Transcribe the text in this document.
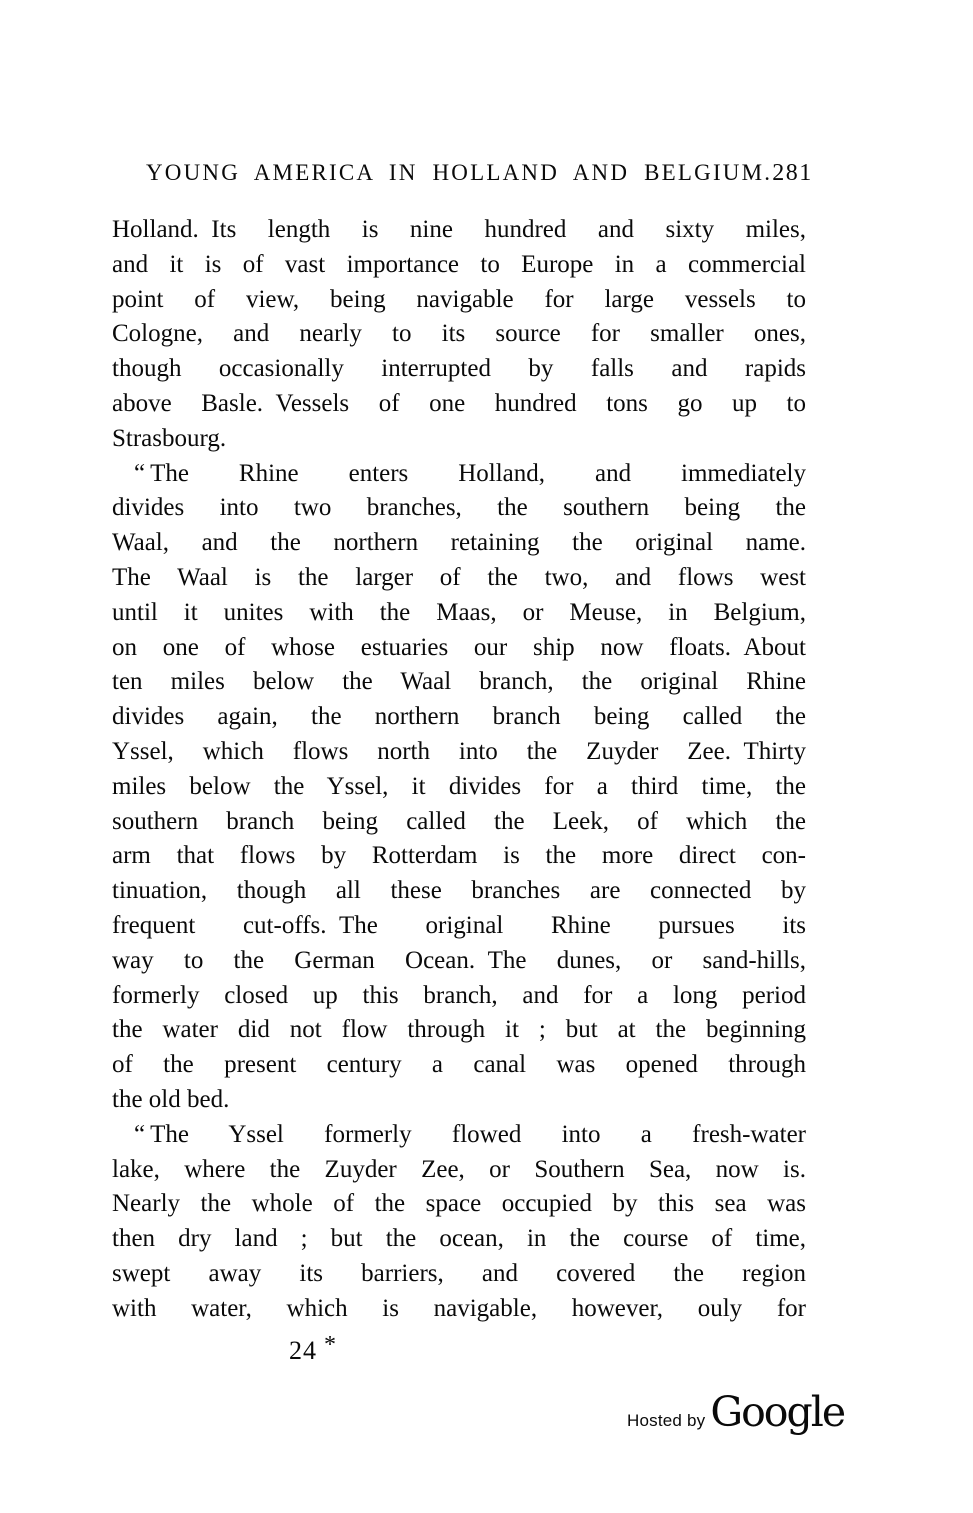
YOUNG AMERICA IN HOLLAND AND BELGIUM. 281
Holland. Its length is nine hundred and sixty miles,
and it is of vast importance to Europe in a commercial
point of view, being navigable for large vessels to
Cologne, and nearly to its source for smaller ones,
though occasionally interrupted by falls and rapids
above Basle. Vessels of one hundred tons go up to
Strasbourg.
“ The Rhine enters Holland, and immediately
divides into two branches, the southern being the
Waal, and the northern retaining the original name.
The Waal is the larger of the two, and flows west
until it unites with the Maas, or Meuse, in Belgium,
on one of whose estuaries our ship now floats. About
ten miles below the Waal branch, the original Rhine
divides again, the northern branch being called the
Yssel, which flows north into the Zuyder Zee. Thirty
miles below the Yssel, it divides for a third time, the
southern branch being called the Leek, of which the
arm that flows by Rotterdam is the more direct con-
tinuation, though all these branches are connected by
frequent cut-offs. The original Rhine pursues its
way to the German Ocean. The dunes, or sand-hills,
formerly closed up this branch, and for a long period
the water did not flow through it ; but at the beginning
of the present century a canal was opened through
the old bed.
“ The Yssel formerly flowed into a fresh-water
lake, where the Zuyder Zee, or Southern Sea, now is.
Nearly the whole of the space occupied by this sea was
then dry land ; but the ocean, in the course of time,
swept away its barriers, and covered the region
with water, which is navigable, however, ouly for
24 *
Hosted by Google
